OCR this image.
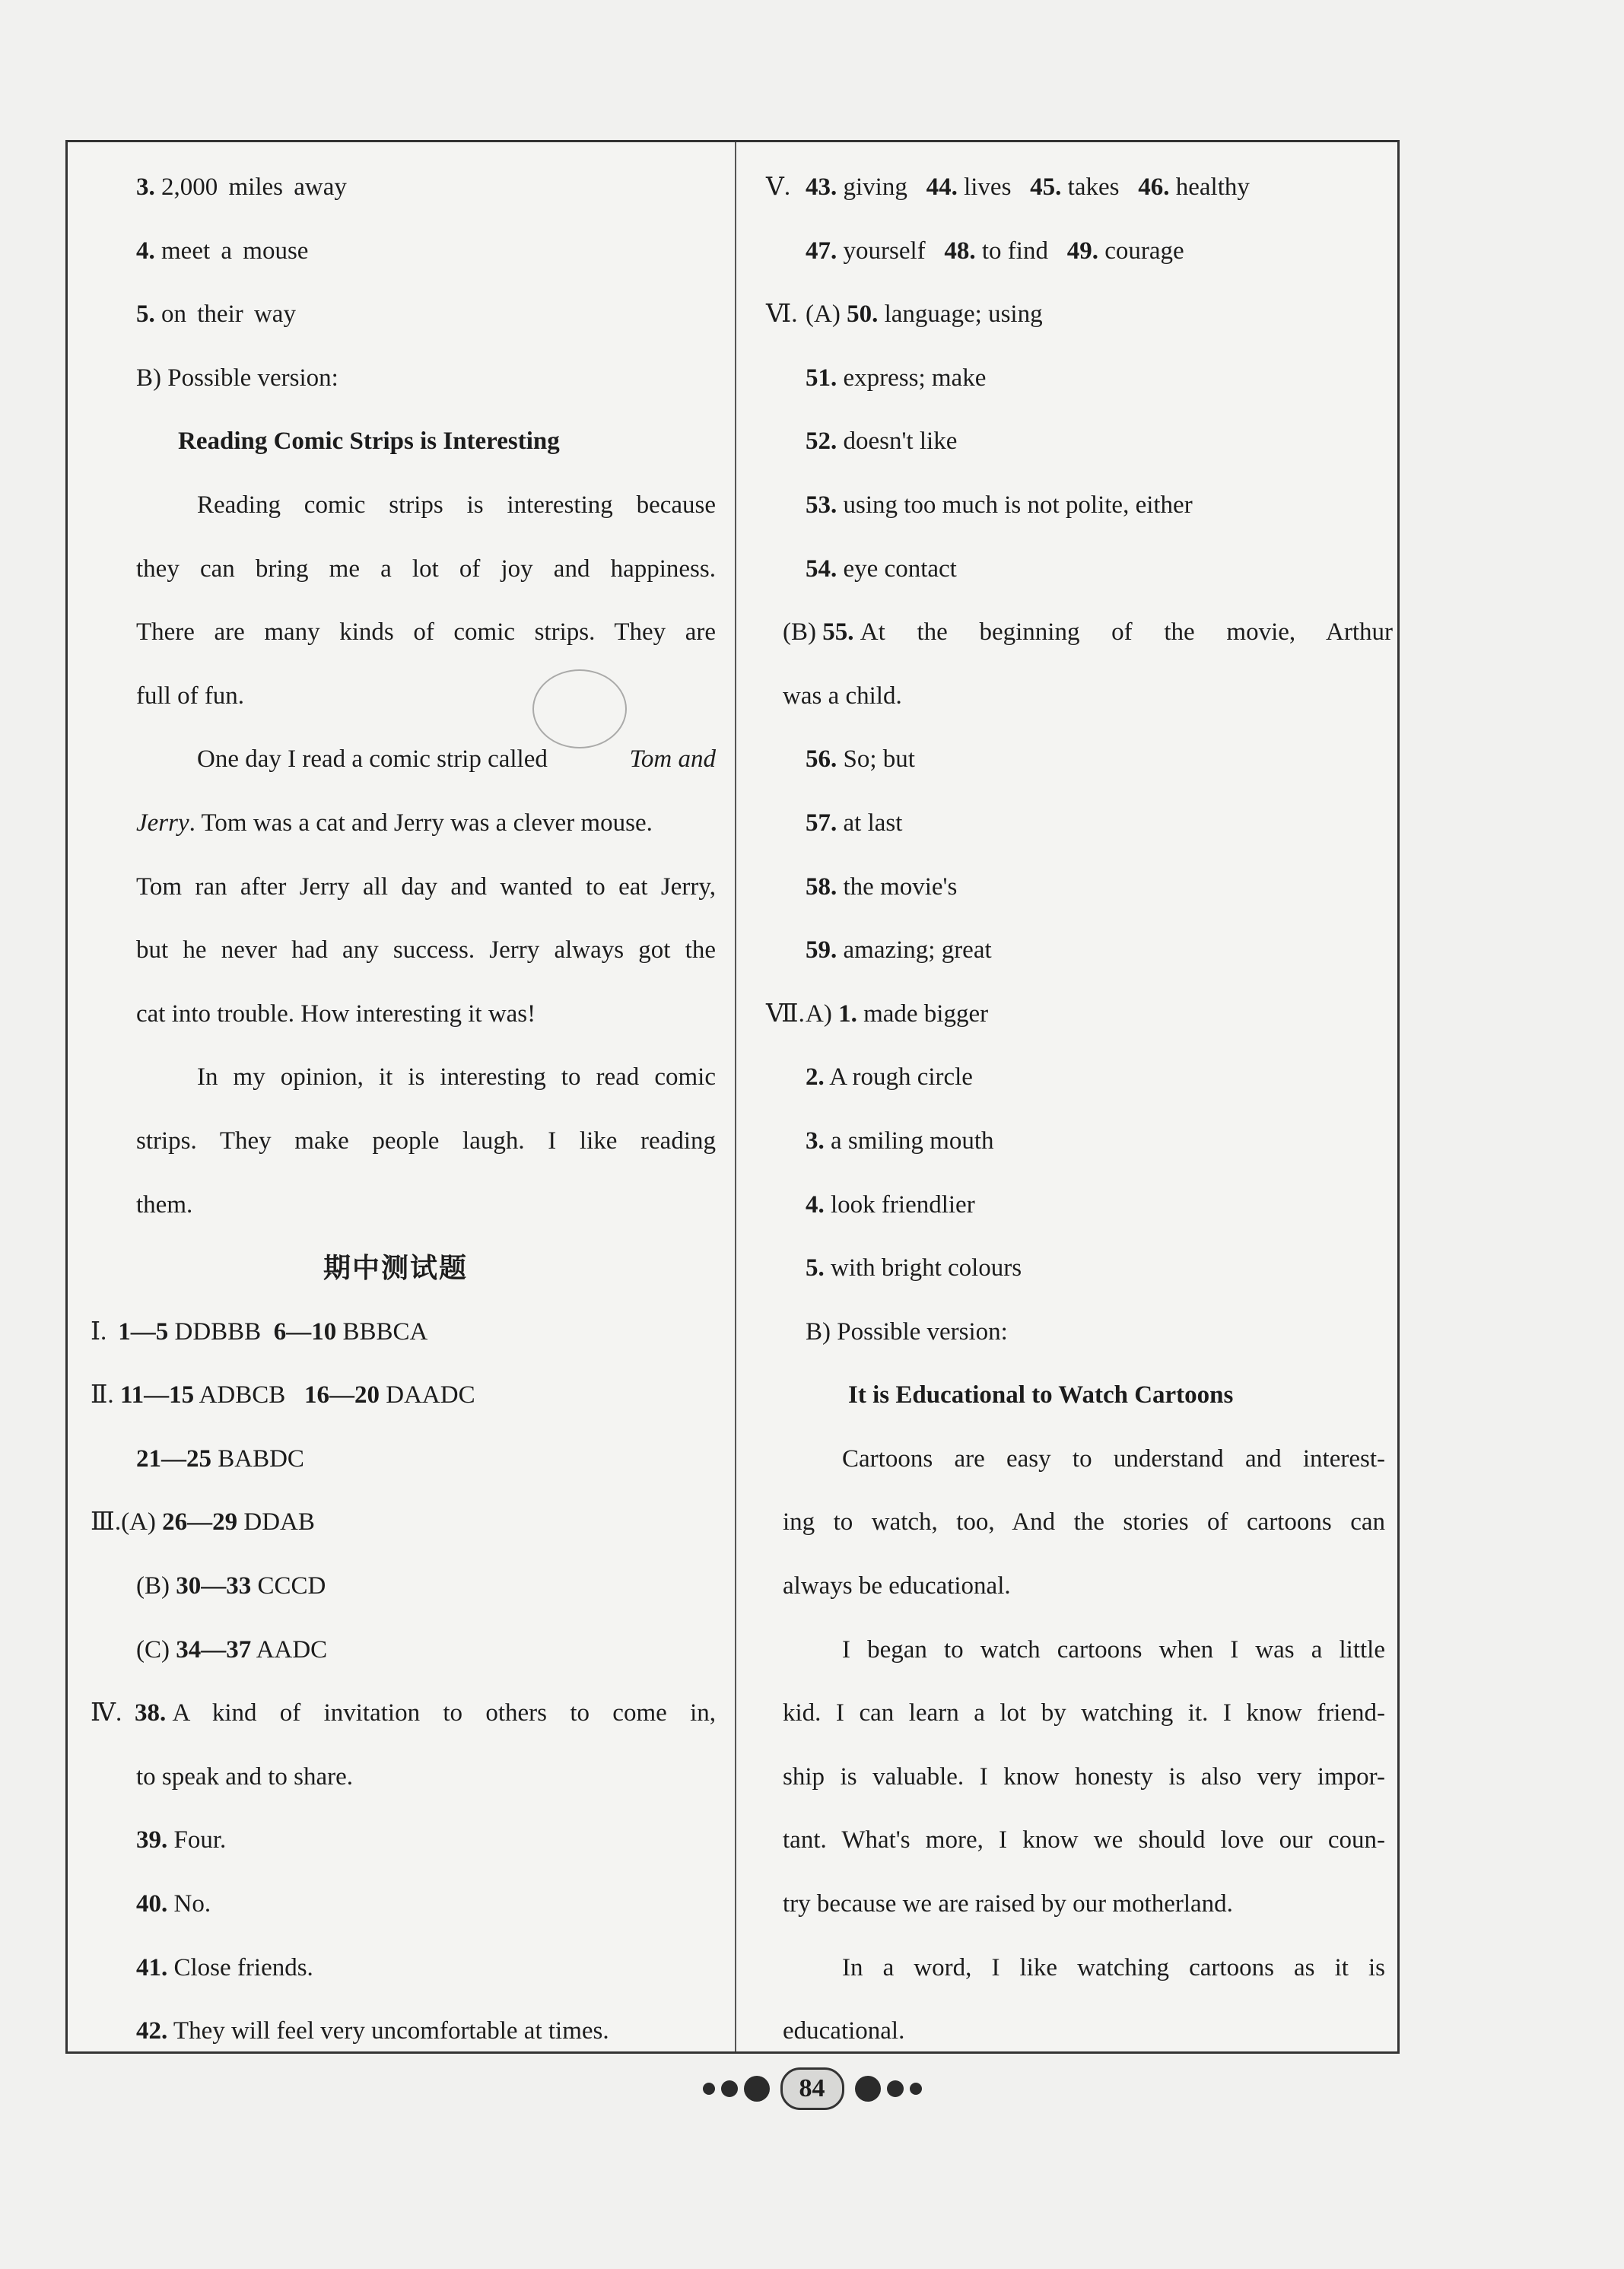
3. 2,000 miles away
4. meet a mouse
5. on their way
B) Possible version:
Reading Comic Strips is Interesting
Reading comic strips is interesting because
they can bring me a lot of joy and happiness.
There are many kinds of comic strips. They are
full of fun.
One day I read a comic strip called	Tom and
Jerry. Tom was a cat and Jerry was a clever mouse.
Tom ran after Jerry all day and wanted to eat Jerry,
but he never had any success. Jerry always got the
cat into trouble. How interesting it was!
In my opinion, it is interesting to read comic
strips. They make people laugh. I like reading
them.
期中测试题
Ⅰ. 1—5 DDBBB 6—10 BBBCA
Ⅱ. 11—15 ADBCB 16—20 DAADC
21—25 BABDC
Ⅲ.(A) 26—29 DDAB
(B) 30—33 CCCD
(C) 34—37 AADC
Ⅳ. 38.
A kind of invitation to others to come in,
to speak and to share.
39. Four.
40. No.
41. Close friends.
42. They will feel very uncomfortable at times.
Ⅴ. 43. giving 44. lives 45. takes 46. healthy
47. yourself 48. to find 49. courage
Ⅵ. (A) 50. language; using
51. express; make
52. doesn't like
53. using too much is not polite, either
54. eye contact
(B)
55.
At the beginning of the movie, Arthur
was a child.
56. So; but
57. at last
58. the movie's
59. amazing; great
Ⅶ.A) 1. made bigger
2. A rough circle
3. a smiling mouth
4. look friendlier
5. with bright colours
B) Possible version:
It is Educational to Watch Cartoons
Cartoons are easy to understand and interest-
ing to watch, too, And the stories of cartoons can
always be educational.
I began to watch cartoons when I was a little
kid. I can learn a lot by watching it. I know friend-
ship is valuable. I know honesty is also very impor-
tant. What's more, I know we should love our coun-
try because we are raised by our motherland.
In a word, I like watching cartoons as it is
educational.
84
